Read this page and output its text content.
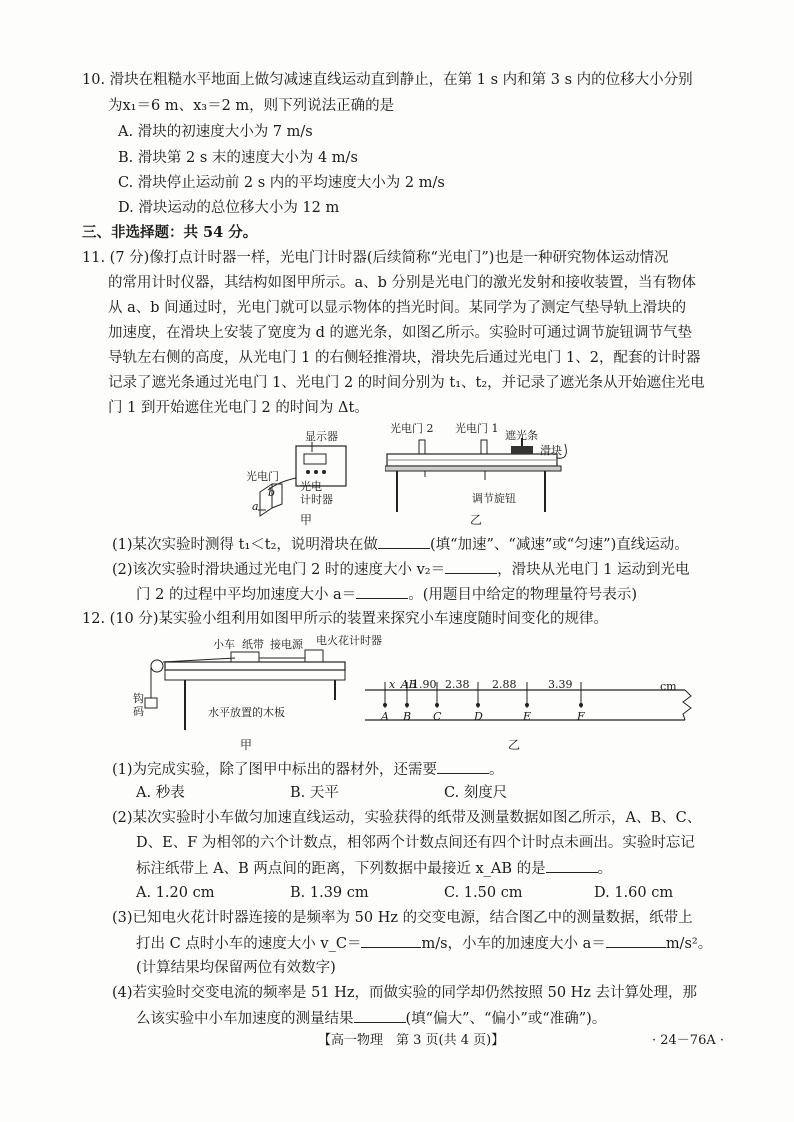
10. 滑块在粗糙水平地面上做匀减速直线运动直到静止，在第 1 s 内和第 3 s 内的位移大小分别
为x₁＝6 m、x₃＝2 m，则下列说法正确的是
A. 滑块的初速度大小为 7 m/s
B. 滑块第 2 s 末的速度大小为 4 m/s
C. 滑块停止运动前 2 s 内的平均速度大小为 2 m/s
D. 滑块运动的总位移大小为 12 m
三、非选择题：共 54 分。
11. (7 分)像打点计时器一样，光电门计时器(后续简称“光电门”)也是一种研究物体运动情况
的常用计时仪器，其结构如图甲所示。a、b 分别是光电门的激光发射和接收装置，当有物体
从 a、b 间通过时，光电门就可以显示物体的挡光时间。某同学为了测定气垫导轨上滑块的
加速度，在滑块上安装了宽度为 d 的遮光条，如图乙所示。实验时可通过调节旋钮调节气垫
导轨左右侧的高度，从光电门 1 的右侧轻推滑块，滑块先后通过光电门 1、2，配套的计时器
记录了遮光条通过光电门 1、光电门 2 的时间分别为 t₁、t₂，并记录了遮光条从开始遮住光电
门 1 到开始遮住光电门 2 的时间为 Δt。
显示器
光电门
光电
计时器
a
b
甲
光电门 2 光电门 1
遮光条
滑块
调节旋钮
乙
(1)某次实验时测得 t₁＜t₂，说明滑块在做	(填“加速”、“减速”或“匀速”)直线运动。
(2)该次实验时滑块通过光电门 2 时的速度大小 v₂＝	，滑块从光电门 1 运动到光电
门 2 的过程中平均加速度大小 a＝	。(用题目中给定的物理量符号表示)
12. (10 分)某实验小组利用如图甲所示的装置来探究小车速度随时间变化的规律。
小车 纸带 接电源 电火花计时器
钩
码	水平放置的木板
甲
x_AB
1.90 2.38 2.88	3.39	cm
A B C	D	E	F
乙
(1)为完成实验，除了图甲中标出的器材外，还需要	。
A. 秒表	B. 天平	C. 刻度尺
(2)某次实验时小车做匀加速直线运动，实验获得的纸带及测量数据如图乙所示，A、B、C、
D、E、F 为相邻的六个计数点，相邻两个计数点间还有四个计时点未画出。实验时忘记
标注纸带上 A、B 两点间的距离，下列数据中最接近 x_AB 的是	。
A. 1.20 cm	B. 1.39 cm	C. 1.50 cm	D. 1.60 cm
(3)已知电火花计时器连接的是频率为 50 Hz 的交变电源，结合图乙中的测量数据，纸带上
打出 C 点时小车的速度大小 v_C＝	m/s，小车的加速度大小 a＝	m/s²。
(计算结果均保留两位有效数字)
(4)若实验时交变电流的频率是 51 Hz，而做实验的同学却仍然按照 50 Hz 去计算处理，那
么该实验中小车加速度的测量结果	(填“偏大”、“偏小”或“准确”)。
【高一物理　第 3 页(共 4 页)】	· 24－76A ·
